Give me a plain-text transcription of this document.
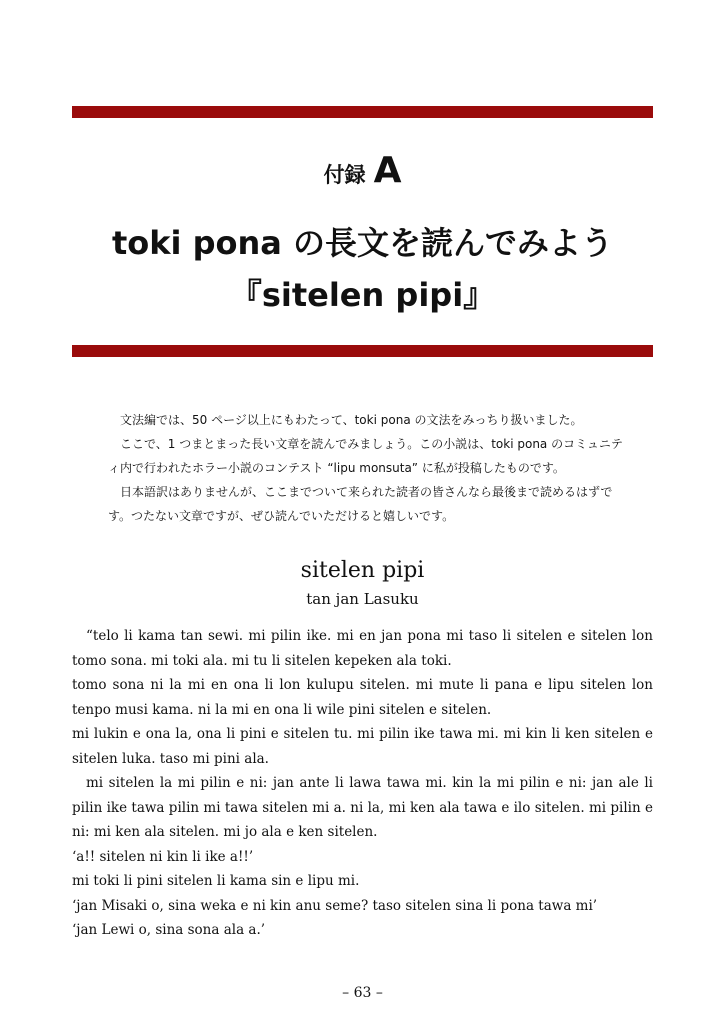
付録 A
toki pona の長文を読んでみよう
『sitelen pipi』

文法編では、50 ページ以上にもわたって、toki pona の文法をみっちり扱いました。

ここで、1 つまとまった長い文章を読んでみましょう。この小説は、toki pona のコミュニティ内で行われたホラー小説のコンテスト “lipu monsuta” に私が投稿したものです。

日本語訳はありませんが、ここまでついて来られた読者の皆さんなら最後まで読めるはずです。つたない文章ですが、ぜひ読んでいただけると嬉しいです。

sitelen pipi
tan jan Lasuku

“telo li kama tan sewi. mi pilin ike. mi en jan pona mi taso li sitelen e sitelen lon tomo sona. mi toki ala. mi tu li sitelen kepeken ala toki.

tomo sona ni la mi en ona li lon kulupu sitelen. mi mute li pana e lipu sitelen lon tenpo musi kama. ni la mi en ona li wile pini sitelen e sitelen.

mi lukin e ona la, ona li pini e sitelen tu. mi pilin ike tawa mi. mi kin li ken sitelen e sitelen luka. taso mi pini ala.

mi sitelen la mi pilin e ni: jan ante li lawa tawa mi. kin la mi pilin e ni: jan ale li pilin ike tawa pilin mi tawa sitelen mi a. ni la, mi ken ala tawa e ilo sitelen. mi pilin e ni: mi ken ala sitelen. mi jo ala e ken sitelen.

‘a!! sitelen ni kin li ike a!!’

mi toki li pini sitelen li kama sin e lipu mi.

‘jan Misaki o, sina weka e ni kin anu seme? taso sitelen sina li pona tawa mi’

‘jan Lewi o, sina sona ala a.’

– 63 –
